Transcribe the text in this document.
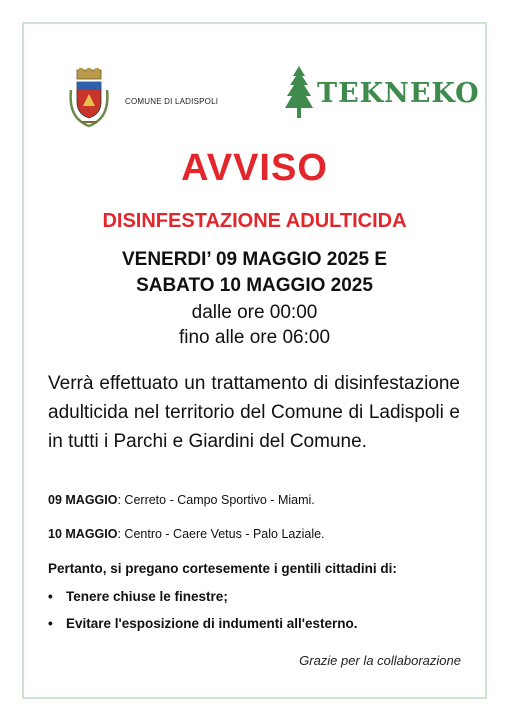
COMUNE DI LADISPOLI	TEKNEKO
AVVISO
DISINFESTAZIONE ADULTICIDA
VENERDI’ 09 MAGGIO 2025 E
SABATO 10 MAGGIO 2025
dalle ore 00:00
fino alle ore 06:00
Verrà effettuato un trattamento di disinfestazione adulticida nel territorio del Comune di Ladispoli e in tutti i Parchi e Giardini del Comune.
09 MAGGIO: Cerreto - Campo Sportivo - Miami.
10 MAGGIO: Centro - Caere Vetus - Palo Laziale.
Pertanto, si pregano cortesemente i gentili cittadini di:
• Tenere chiuse le finestre;
• Evitare l'esposizione di indumenti all'esterno.
Grazie per la collaborazione
